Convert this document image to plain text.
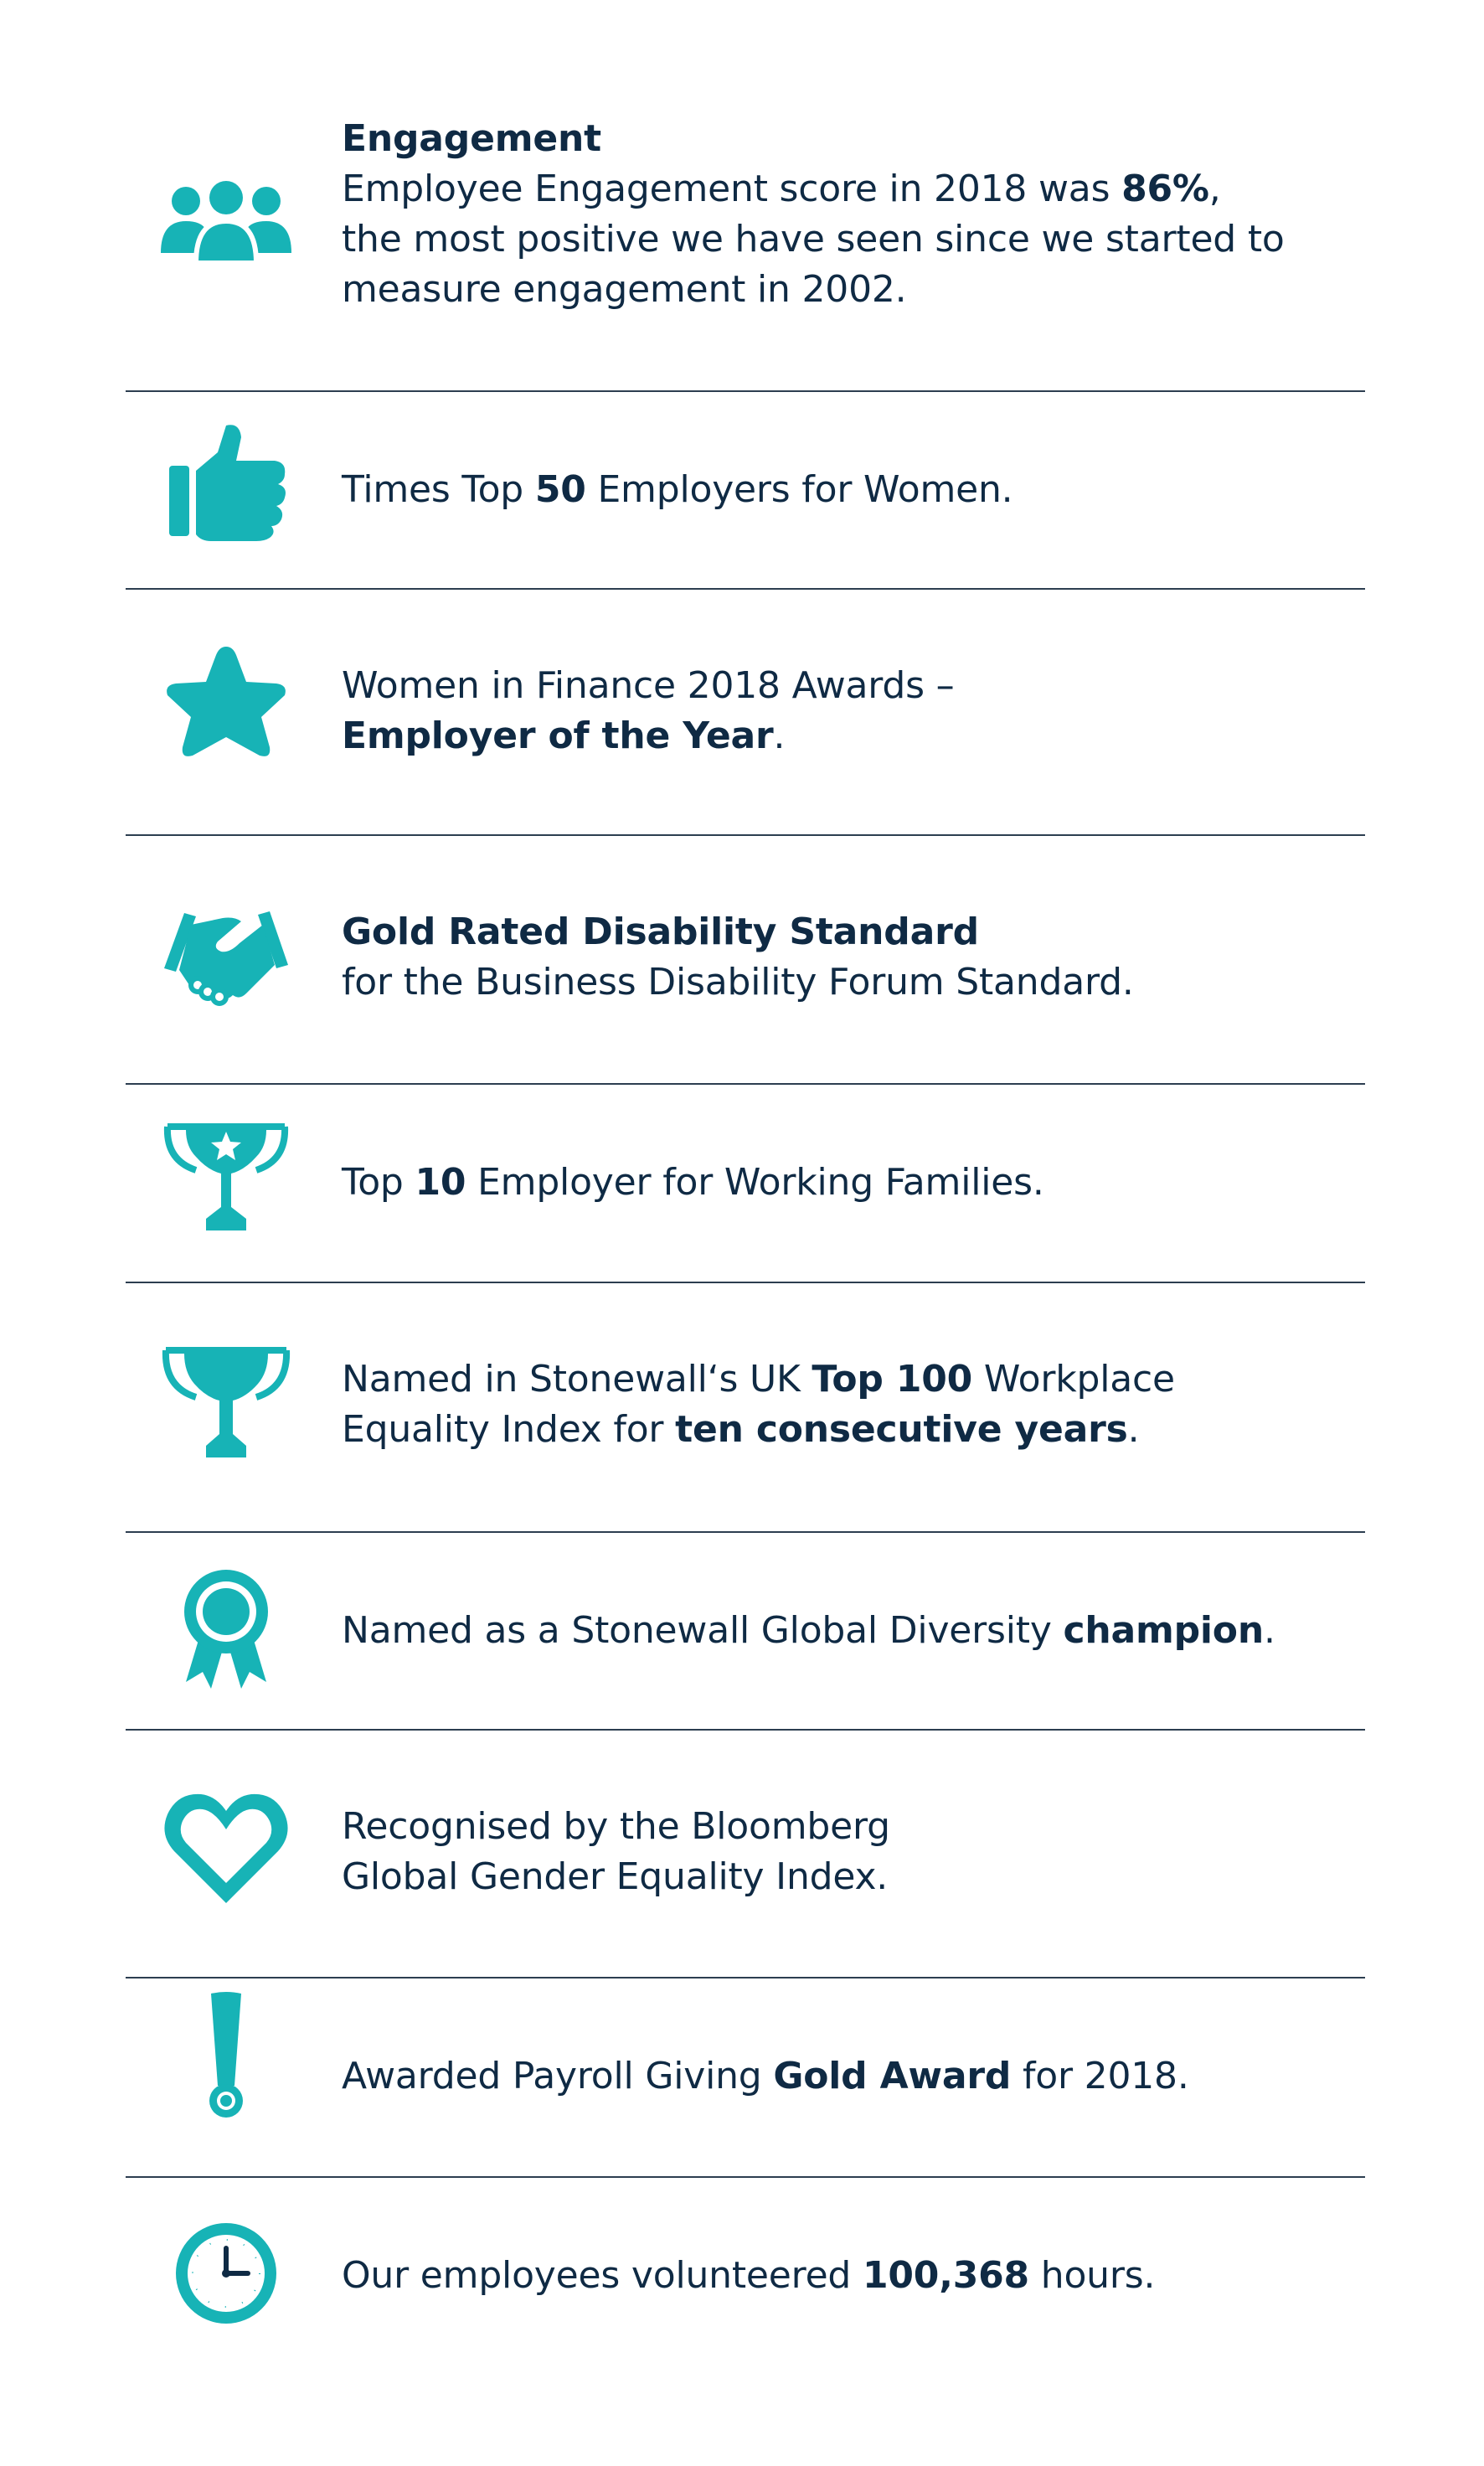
Engagement
Employee Engagement score in 2018 was 86%,
the most positive we have seen since we started to
measure engagement in 2002.
Times Top 50 Employers for Women.
Women in Finance 2018 Awards –
Employer of the Year.
Gold Rated Disability Standard
for the Business Disability Forum Standard.
Top 10 Employer for Working Families.
Named in Stonewall‘s UK Top 100 Workplace
Equality Index for ten consecutive years.
Named as a Stonewall Global Diversity champion.
Recognised by the Bloomberg
Global Gender Equality Index.
Awarded Payroll Giving Gold Award for 2018.
Our employees volunteered 100,368 hours.
